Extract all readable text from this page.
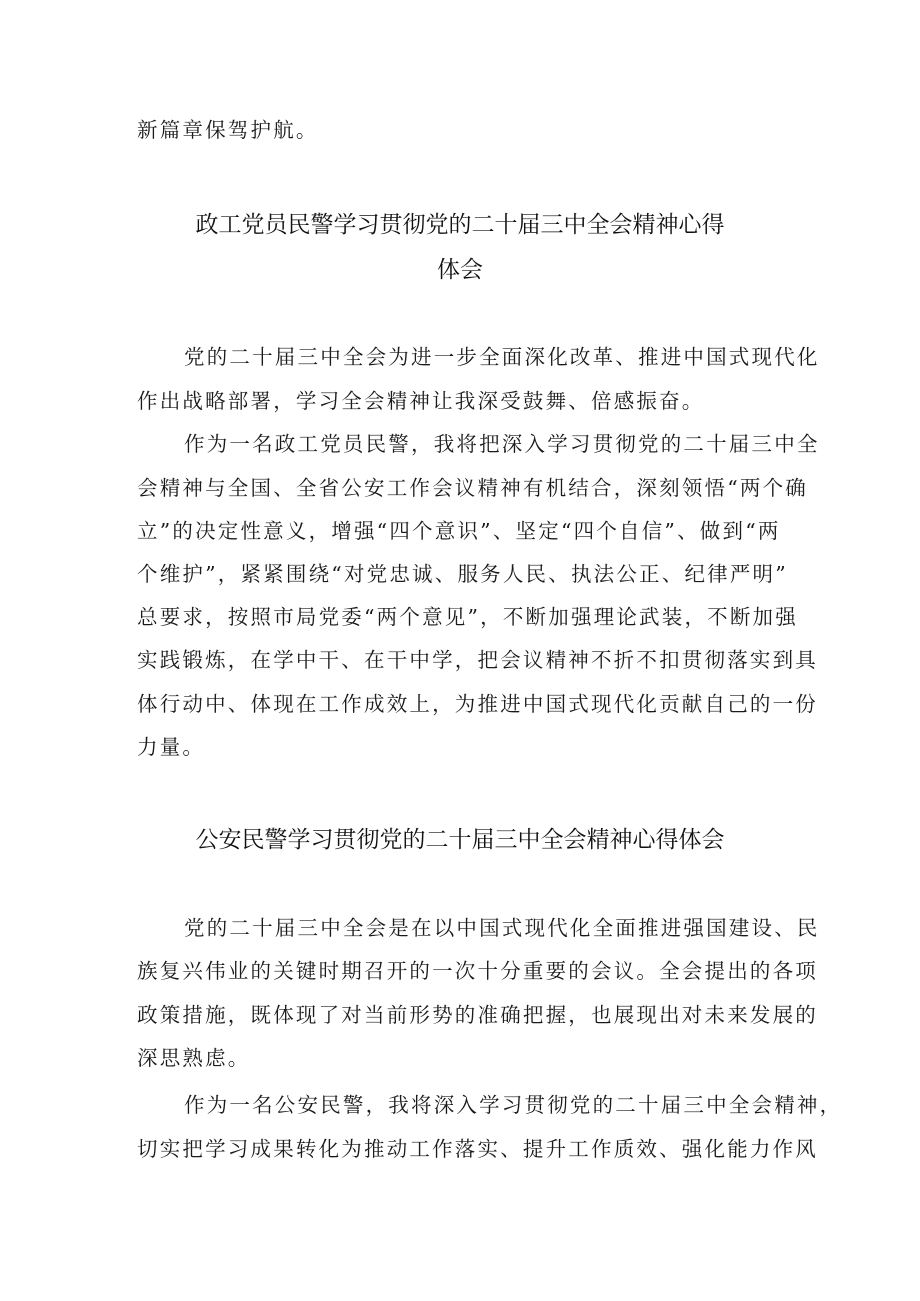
新篇章保驾护航。
政工党员民警学习贯彻党的二十届三中全会精神心得
体会
党的二十届三中全会为进一步全面深化改革、推进中国式现代化
作出战略部署，学习全会精神让我深受鼓舞、倍感振奋。
作为一名政工党员民警，我将把深入学习贯彻党的二十届三中全
会精神与全国、全省公安工作会议精神有机结合，深刻领悟“两个确
立”的决定性意义，增强“四个意识”、坚定“四个自信”、做到“两
个维护”，紧紧围绕“对党忠诚、服务人民、执法公正、纪律严明”
总要求，按照市局党委“两个意见”，不断加强理论武装，不断加强
实践锻炼，在学中干、在干中学，把会议精神不折不扣贯彻落实到具
体行动中、体现在工作成效上，为推进中国式现代化贡献自己的一份
力量。
公安民警学习贯彻党的二十届三中全会精神心得体会
党的二十届三中全会是在以中国式现代化全面推进强国建设、民
族复兴伟业的关键时期召开的一次十分重要的会议。全会提出的各项
政策措施，既体现了对当前形势的准确把握，也展现出对未来发展的
深思熟虑。
作为一名公安民警，我将深入学习贯彻党的二十届三中全会精神，
切实把学习成果转化为推动工作落实、提升工作质效、强化能力作风
